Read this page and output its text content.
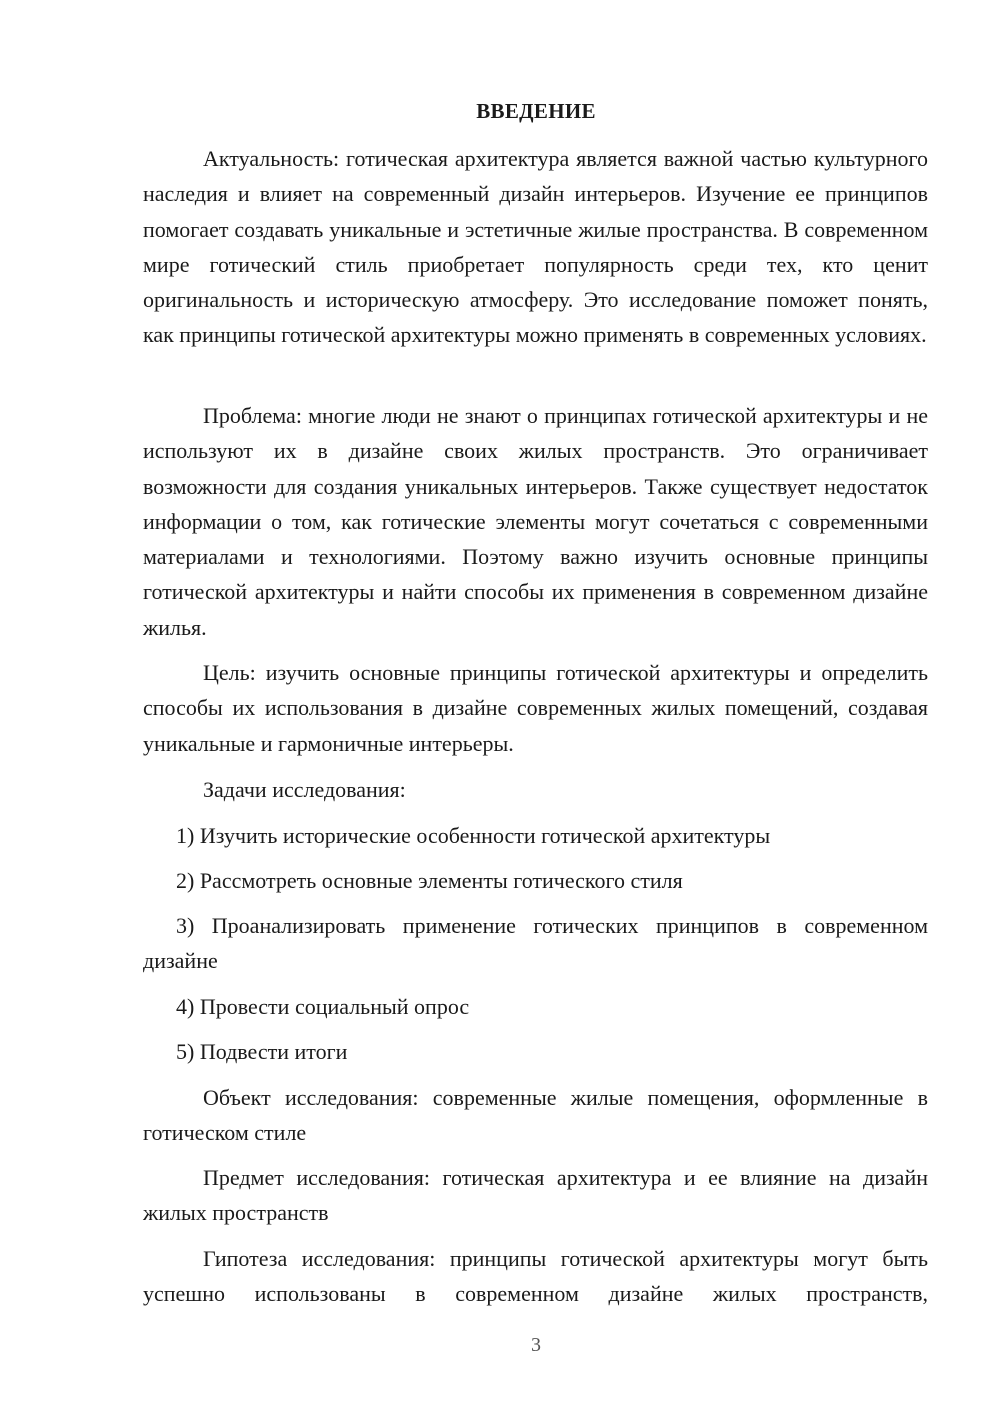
ВВЕДЕНИЕ

Актуальность: готическая архитектура является важной частью культурного наследия и влияет на современный дизайн интерьеров. Изучение ее принципов помогает создавать уникальные и эстетичные жилые пространства. В современном мире готический стиль приобретает популярность среди тех, кто ценит оригинальность и историческую атмосферу. Это исследование поможет понять, как принципы готической архитектуры можно применять в современных условиях.

Проблема: многие люди не знают о принципах готической архитектуры и не используют их в дизайне своих жилых пространств. Это ограничивает возможности для создания уникальных интерьеров. Также существует недостаток информации о том, как готические элементы могут сочетаться с современными материалами и технологиями. Поэтому важно изучить основные принципы готической архитектуры и найти способы их применения в современном дизайне жилья.

Цель: изучить основные принципы готической архитектуры и определить способы их использования в дизайне современных жилых помещений, создавая уникальные и гармоничные интерьеры.

Задачи исследования:

1) Изучить исторические особенности готической архитектуры

2) Рассмотреть основные элементы готического стиля

3) Проанализировать применение готических принципов в современном дизайне

4) Провести социальный опрос

5) Подвести итоги

Объект исследования: современные жилые помещения, оформленные в готическом стиле

Предмет исследования: готическая архитектура и ее влияние на дизайн жилых пространств

Гипотеза исследования: принципы готической архитектуры могут быть успешно использованы в современном дизайне жилых пространств,

3
